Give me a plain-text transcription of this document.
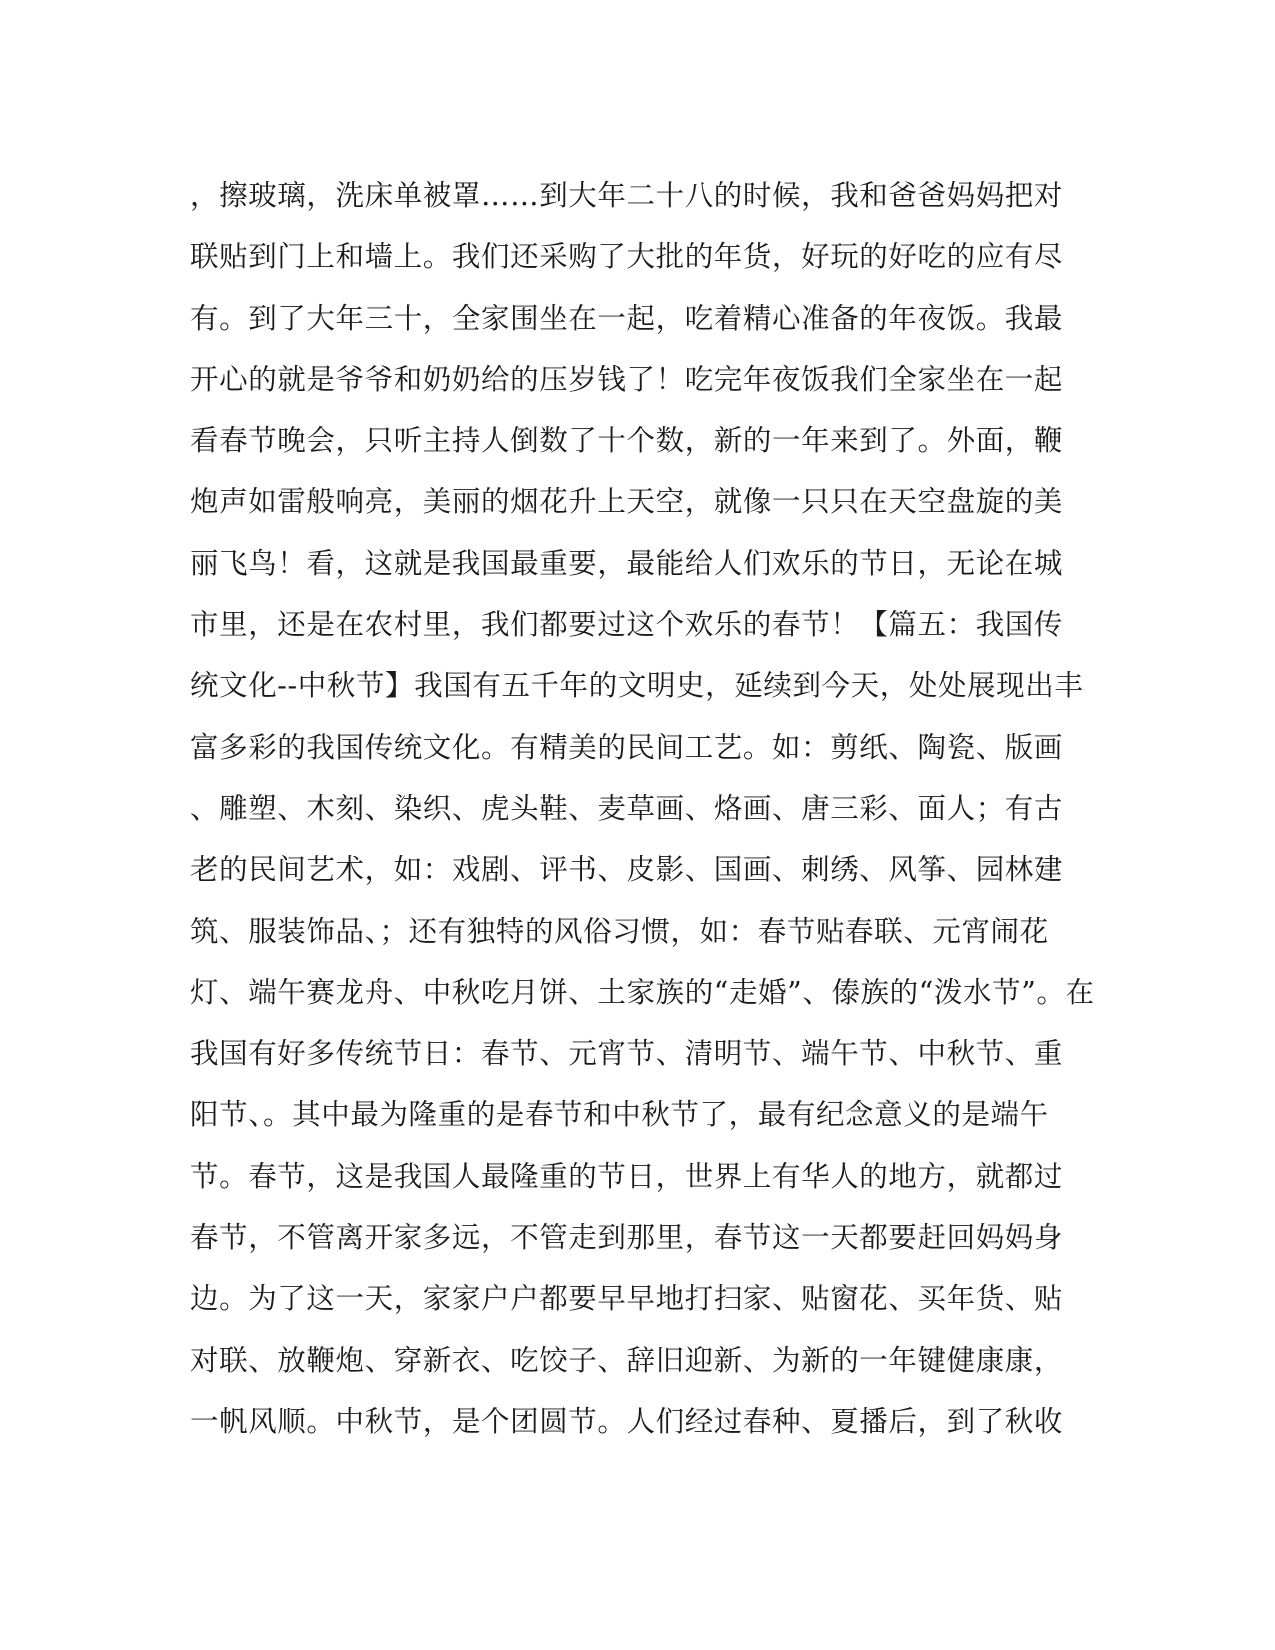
，擦玻璃，洗床单被罩……到大年二十八的时候，我和爸爸妈妈把对
联贴到门上和墙上。我们还采购了大批的年货，好玩的好吃的应有尽
有。到了大年三十，全家围坐在一起，吃着精心准备的年夜饭。我最
开心的就是爷爷和奶奶给的压岁钱了！吃完年夜饭我们全家坐在一起
看春节晚会，只听主持人倒数了十个数，新的一年来到了。外面，鞭
炮声如雷般响亮，美丽的烟花升上天空，就像一只只在天空盘旋的美
丽飞鸟！看，这就是我国最重要，最能给人们欢乐的节日，无论在城
市里，还是在农村里，我们都要过这个欢乐的春节！【篇五：我国传
统文化--中秋节】我国有五千年的文明史，延续到今天，处处展现出丰
富多彩的我国传统文化。有精美的民间工艺。如：剪纸、陶瓷、版画
、雕塑、木刻、染织、虎头鞋、麦草画、烙画、唐三彩、面人；有古
老的民间艺术，如：戏剧、评书、皮影、国画、刺绣、风筝、园林建
筑、服装饰品、；还有独特的风俗习惯，如：春节贴春联、元宵闹花
灯、端午赛龙舟、中秋吃月饼、土家族的“走婚”、傣族的“泼水节”。在
我国有好多传统节日：春节、元宵节、清明节、端午节、中秋节、重
阳节、。其中最为隆重的是春节和中秋节了，最有纪念意义的是端午
节。春节，这是我国人最隆重的节日，世界上有华人的地方，就都过
春节，不管离开家多远，不管走到那里，春节这一天都要赶回妈妈身
边。为了这一天，家家户户都要早早地打扫家、贴窗花、买年货、贴
对联、放鞭炮、穿新衣、吃饺子、辞旧迎新、为新的一年键健康康，
一帆风顺。中秋节，是个团圆节。人们经过春种、夏播后，到了秋收
